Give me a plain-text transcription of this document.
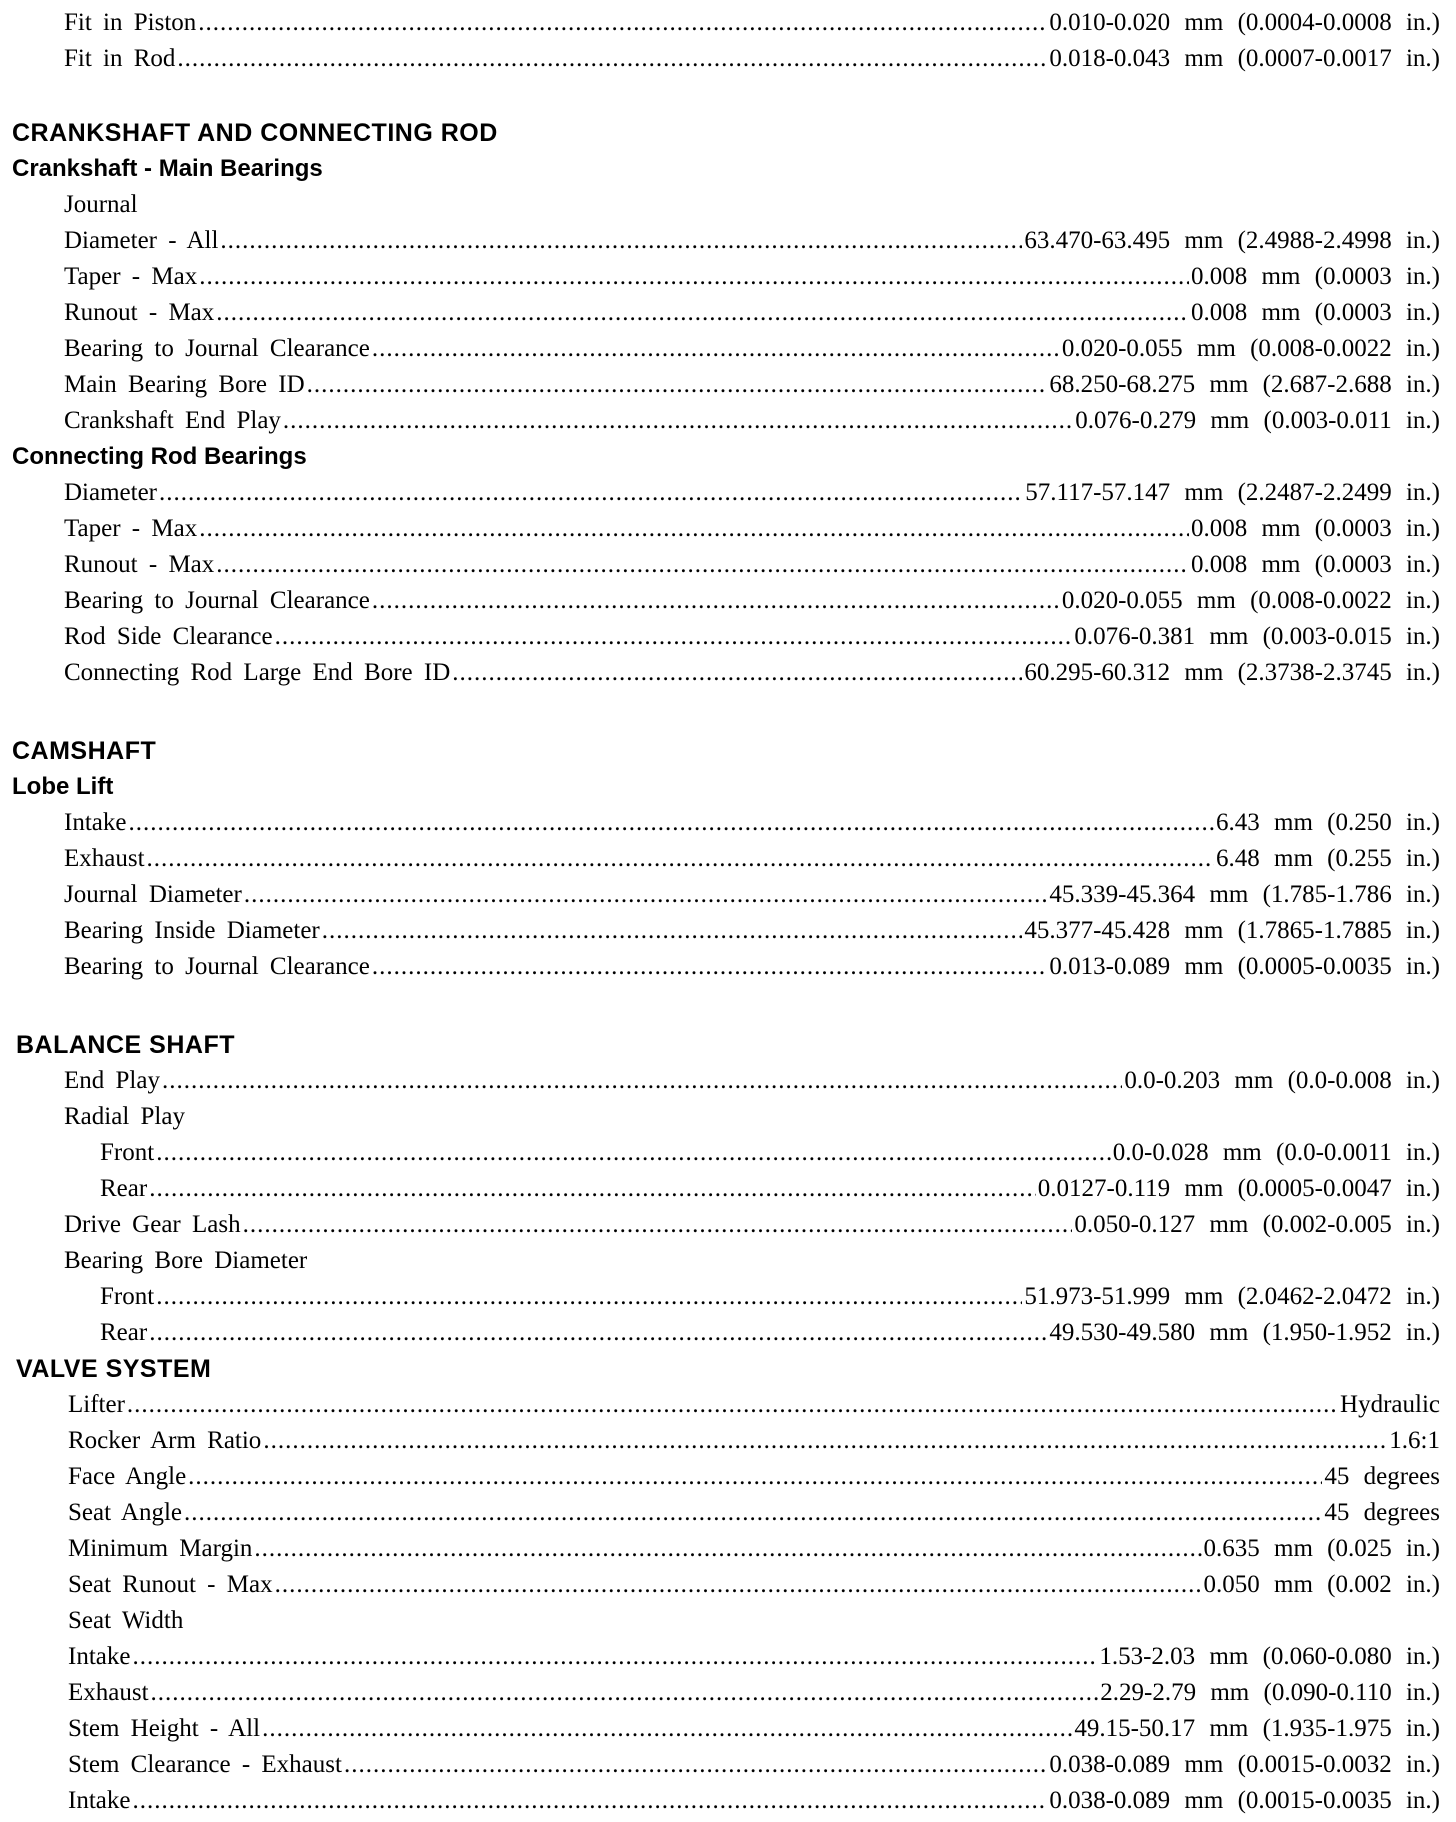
Fit in Piston .....	0.010-0.020 mm (0.0004-0.0008 in.)
Fit in Rod .....	0.018-0.043 mm (0.0007-0.0017 in.)
CRANKSHAFT AND CONNECTING ROD
Crankshaft - Main Bearings
Journal
Diameter - All .....	63.470-63.495 mm (2.4988-2.4998 in.)
Taper - Max .....	0.008 mm (0.0003 in.)
Runout - Max .....	0.008 mm (0.0003 in.)
Bearing to Journal Clearance .....	0.020-0.055 mm (0.008-0.0022 in.)
Main Bearing Bore ID .....	68.250-68.275 mm (2.687-2.688 in.)
Crankshaft End Play .....	0.076-0.279 mm (0.003-0.011 in.)
Connecting Rod Bearings
Diameter .....	57.117-57.147 mm (2.2487-2.2499 in.)
Taper - Max .....	0.008 mm (0.0003 in.)
Runout - Max .....	0.008 mm (0.0003 in.)
Bearing to Journal Clearance .....	0.020-0.055 mm (0.008-0.0022 in.)
Rod Side Clearance .....	0.076-0.381 mm (0.003-0.015 in.)
Connecting Rod Large End Bore ID .....	60.295-60.312 mm (2.3738-2.3745 in.)
CAMSHAFT
Lobe Lift
Intake .....	6.43 mm (0.250 in.)
Exhaust .....	6.48 mm (0.255 in.)
Journal Diameter .....	45.339-45.364 mm (1.785-1.786 in.)
Bearing Inside Diameter .....	45.377-45.428 mm (1.7865-1.7885 in.)
Bearing to Journal Clearance .....	0.013-0.089 mm (0.0005-0.0035 in.)
BALANCE SHAFT
End Play .....	0.0-0.203 mm (0.0-0.008 in.)
Radial Play
Front .....	0.0-0.028 mm (0.0-0.0011 in.)
Rear .....	0.0127-0.119 mm (0.0005-0.0047 in.)
Drive Gear Lash .....	0.050-0.127 mm (0.002-0.005 in.)
Bearing Bore Diameter
Front .....	51.973-51.999 mm (2.0462-2.0472 in.)
Rear .....	49.530-49.580 mm (1.950-1.952 in.)
VALVE SYSTEM
Lifter .....	Hydraulic
Rocker Arm Ratio .....	1.6:1
Face Angle .....	45 degrees
Seat Angle .....	45 degrees
Minimum Margin .....	0.635 mm (0.025 in.)
Seat Runout - Max .....	0.050 mm (0.002 in.)
Seat Width
Intake .....	1.53-2.03 mm (0.060-0.080 in.)
Exhaust .....	2.29-2.79 mm (0.090-0.110 in.)
Stem Height - All .....	49.15-50.17 mm (1.935-1.975 in.)
Stem Clearance - Exhaust .....	0.038-0.089 mm (0.0015-0.0032 in.)
Intake .....	0.038-0.089 mm (0.0015-0.0035 in.)
